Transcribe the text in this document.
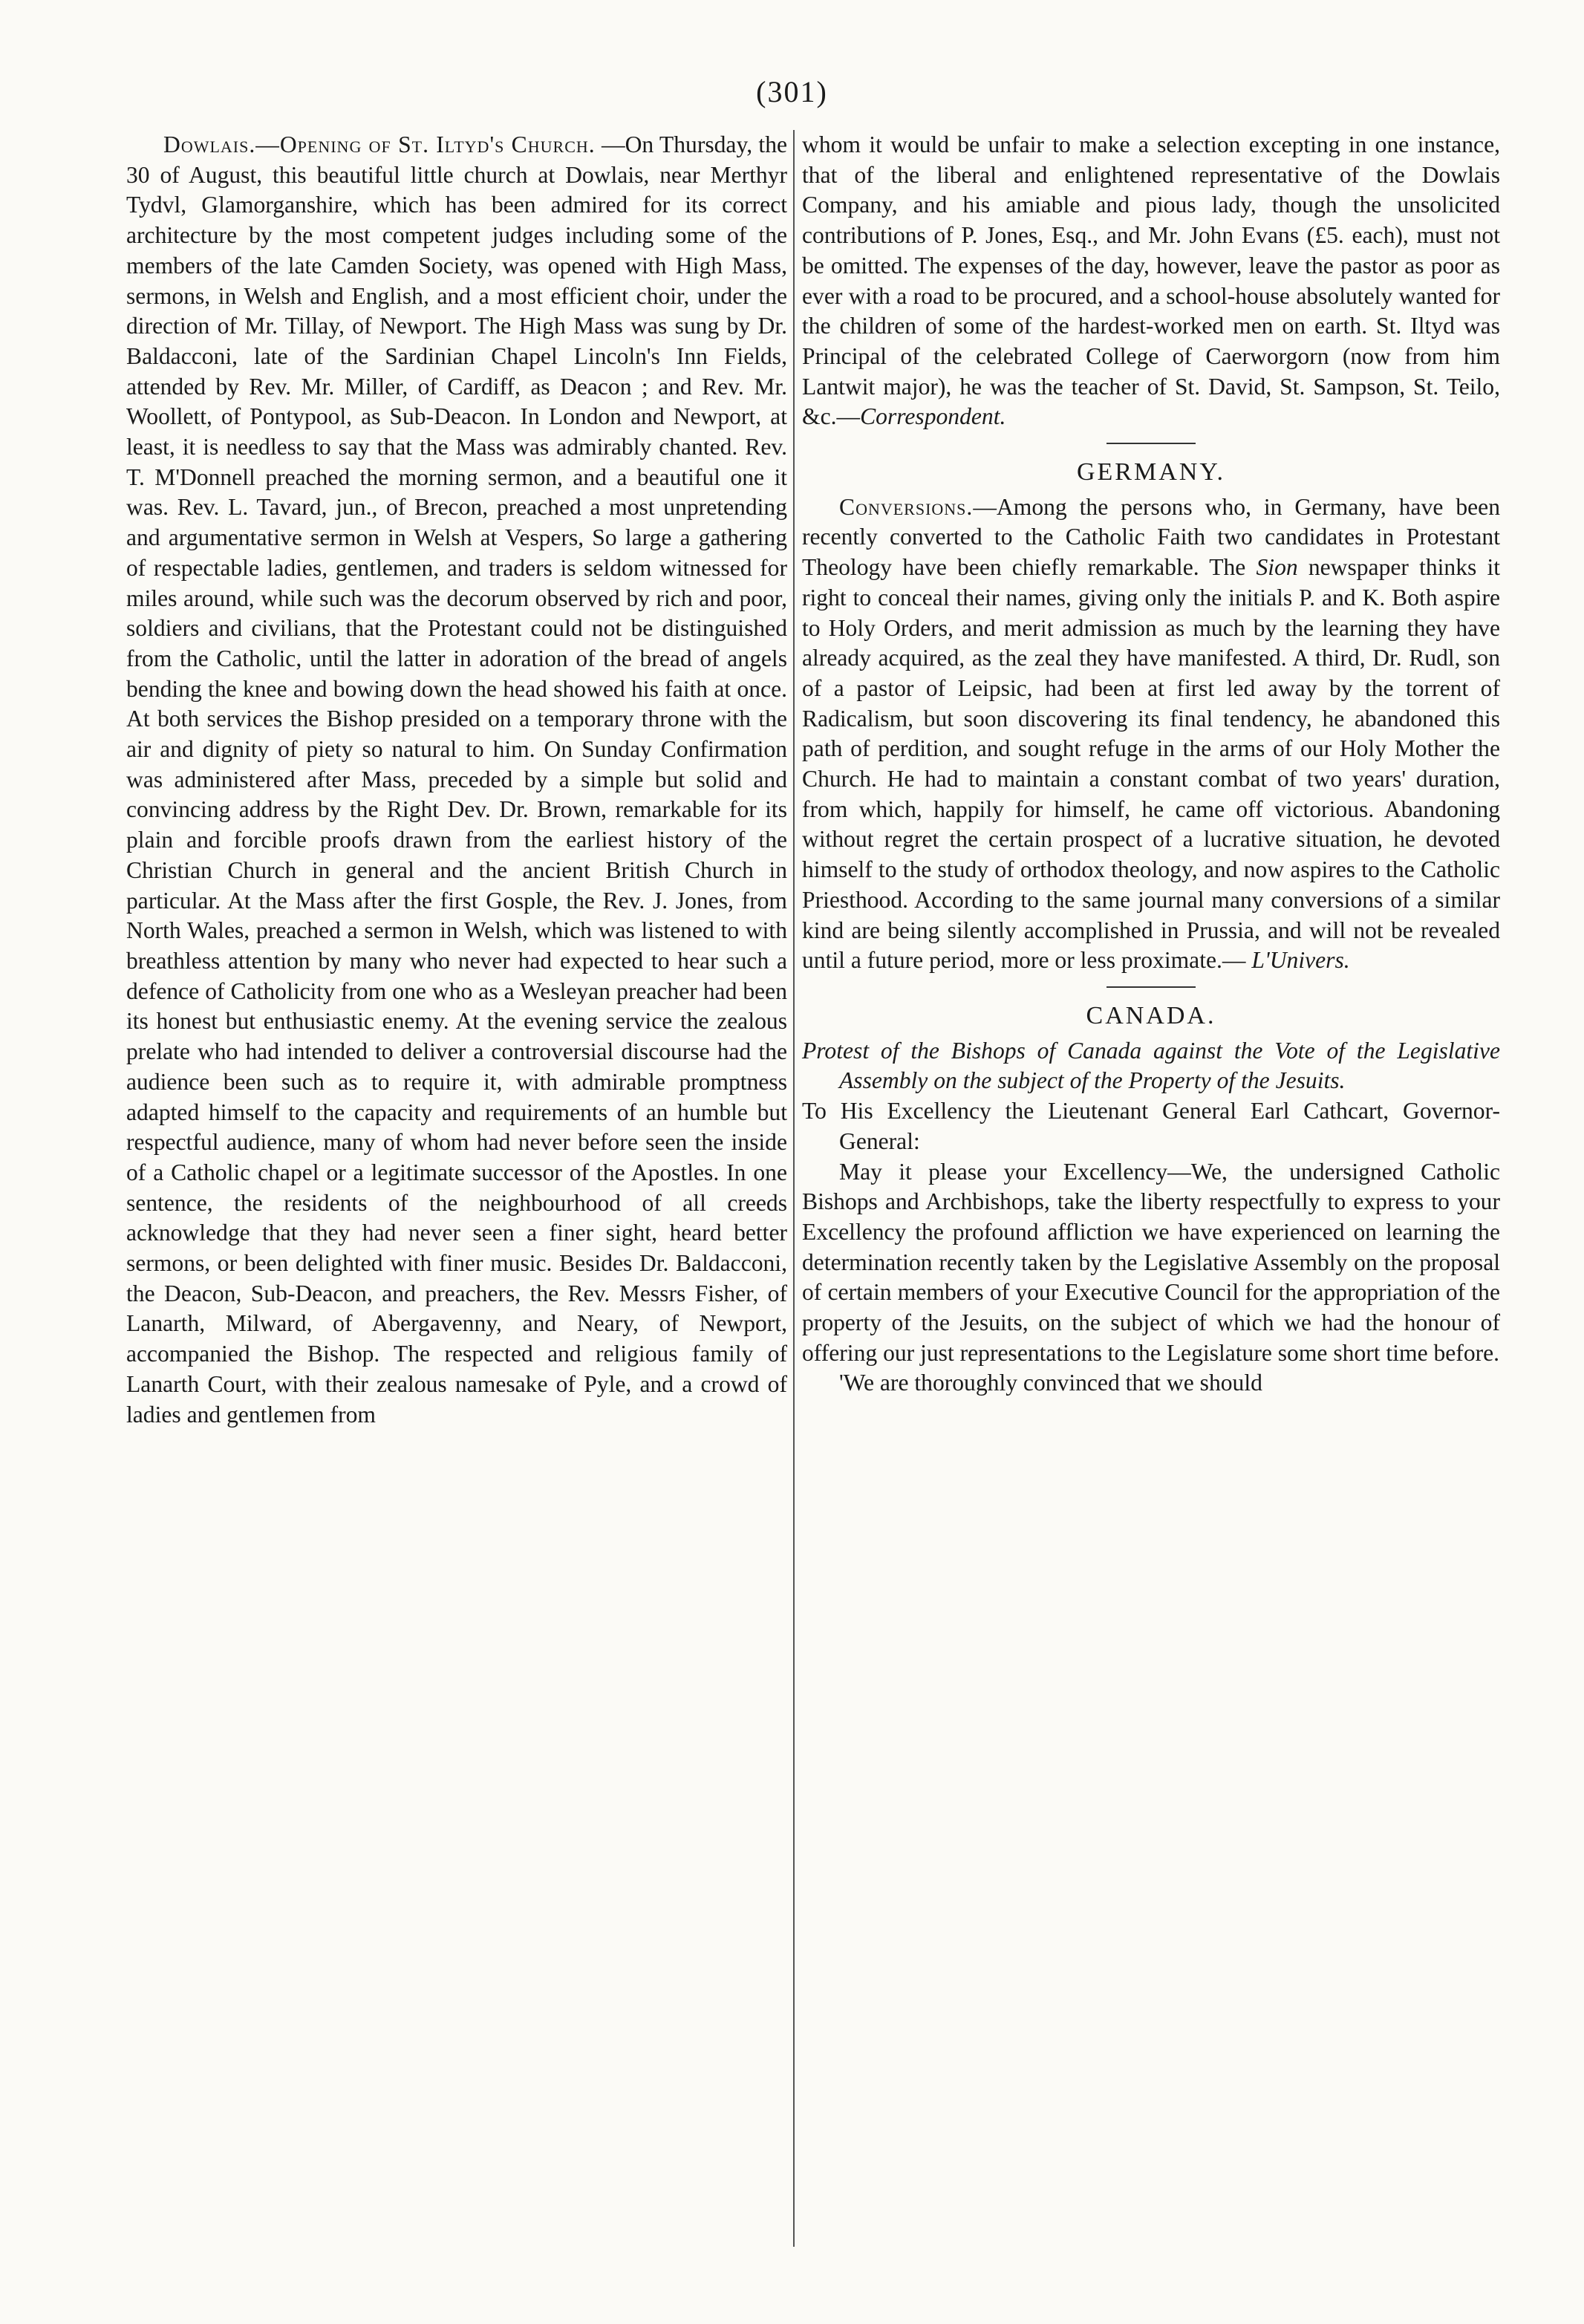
(301)

Dowlais.—Opening of St. Iltyd's Church. —On Thursday, the 30 of August, this beautiful little church at Dowlais, near Merthyr Tydvl, Glamorganshire, which has been admired for its correct architecture by the most competent judges including some of the members of the late Camden Society, was opened with High Mass, sermons, in Welsh and English, and a most efficient choir, under the direction of Mr. Tillay, of Newport. The High Mass was sung by Dr. Baldacconi, late of the Sardinian Chapel Lincoln's Inn Fields, attended by Rev. Mr. Miller, of Cardiff, as Deacon ; and Rev. Mr. Woollett, of Pontypool, as Sub-Deacon. In London and Newport, at least, it is needless to say that the Mass was admirably chanted. Rev. T. M'Donnell preached the morning sermon, and a beautiful one it was. Rev. L. Tavard, jun., of Brecon, preached a most unpretending and argumentative sermon in Welsh at Vespers, So large a gathering of respectable ladies, gentlemen, and traders is seldom witnessed for miles around, while such was the decorum observed by rich and poor, soldiers and civilians, that the Protestant could not be distinguished from the Catholic, until the latter in adoration of the bread of angels bending the knee and bowing down the head showed his faith at once. At both services the Bishop presided on a temporary throne with the air and dignity of piety so natural to him. On Sunday Confirmation was administered after Mass, preceded by a simple but solid and convincing address by the Right Dev. Dr. Brown, remarkable for its plain and forcible proofs drawn from the earliest history of the Christian Church in general and the ancient British Church in particular. At the Mass after the first Gosple, the Rev. J. Jones, from North Wales, preached a sermon in Welsh, which was listened to with breathless attention by many who never had expected to hear such a defence of Catholicity from one who as a Wesleyan preacher had been its honest but enthusiastic enemy. At the evening service the zealous prelate who had intended to deliver a controversial discourse had the audience been such as to require it, with admirable promptness adapted himself to the capacity and requirements of an humble but respectful audience, many of whom had never before seen the inside of a Catholic chapel or a legitimate successor of the Apostles. In one sentence, the residents of the neighbourhood of all creeds acknowledge that they had never seen a finer sight, heard better sermons, or been delighted with finer music. Besides Dr. Baldacconi, the Deacon, Sub-Deacon, and preachers, the Rev. Messrs Fisher, of Lanarth, Milward, of Abergavenny, and Neary, of Newport, accompanied the Bishop. The respected and religious family of Lanarth Court, with their zealous namesake of Pyle, and a crowd of ladies and gentlemen from

whom it would be unfair to make a selection excepting in one instance, that of the liberal and enlightened representative of the Dowlais Company, and his amiable and pious lady, though the unsolicited contributions of P. Jones, Esq., and Mr. John Evans (£5. each), must not be omitted. The expenses of the day, however, leave the pastor as poor as ever with a road to be procured, and a school-house absolutely wanted for the children of some of the hardest-worked men on earth. St. Iltyd was Principal of the celebrated College of Caerworgorn (now from him Lantwit major), he was the teacher of St. David, St. Sampson, St. Teilo, &c.—Correspondent.

GERMANY.

Conversions.—Among the persons who, in Germany, have been recently converted to the Catholic Faith two candidates in Protestant Theology have been chiefly remarkable. The Sion newspaper thinks it right to conceal their names, giving only the initials P. and K. Both aspire to Holy Orders, and merit admission as much by the learning they have already acquired, as the zeal they have manifested. A third, Dr. Rudl, son of a pastor of Leipsic, had been at first led away by the torrent of Radicalism, but soon discovering its final tendency, he abandoned this path of perdition, and sought refuge in the arms of our Holy Mother the Church. He had to maintain a constant combat of two years' duration, from which, happily for himself, he came off victorious. Abandoning without regret the certain prospect of a lucrative situation, he devoted himself to the study of orthodox theology, and now aspires to the Catholic Priesthood. According to the same journal many conversions of a similar kind are being silently accomplished in Prussia, and will not be revealed until a future period, more or less proximate.— L'Univers.

CANADA.

Protest of the Bishops of Canada against the Vote of the Legislative Assembly on the subject of the Property of the Jesuits.

To His Excellency the Lieutenant General Earl Cathcart, Governor-General:

May it please your Excellency—We, the undersigned Catholic Bishops and Archbishops, take the liberty respectfully to express to your Excellency the profound affliction we have experienced on learning the determination recently taken by the Legislative Assembly on the proposal of certain members of your Executive Council for the appropriation of the property of the Jesuits, on the subject of which we had the honour of offering our just representations to the Legislature some short time before.

'We are thoroughly convinced that we should
